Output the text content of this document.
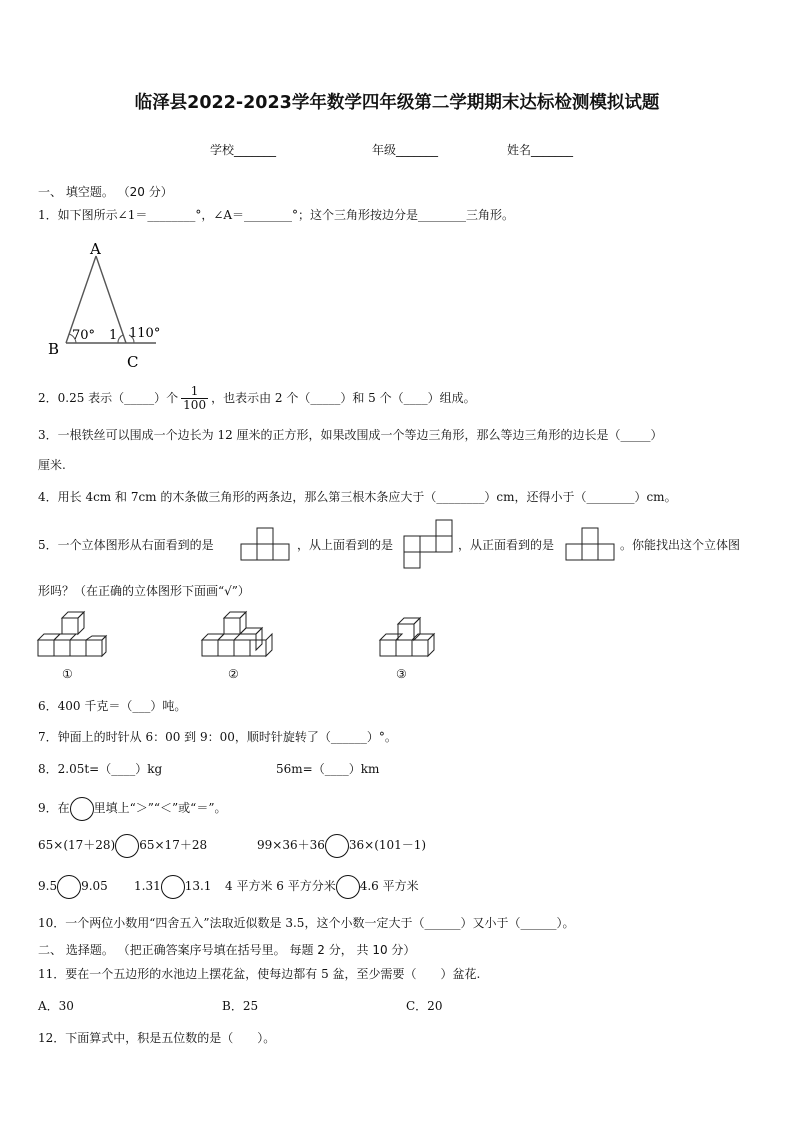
临泽县2022-2023学年数学四年级第二学期期末达标检测模拟试题
学校_______	年级_______	姓名_______
一、 填空题。 （20 分）
1．如下图所示∠1＝________°，∠A＝________°；这个三角形按边分是________三角形。
A
B
C
70° 1 110°
2．0.25 表示（_____）个 $\frac{1}{100}$ ，也表示由 2 个（_____）和 5 个（____）组成。
3．一根铁丝可以围成一个边长为 12 厘米的正方形，如果改围成一个等边三角形，那么等边三角形的边长是（_____）
厘米.
4．用长 4cm 和 7cm 的木条做三角形的两条边，那么第三根木条应大于（________）cm，还得小于（________）cm。
5．一个立体图形从右面看到的是	，从上面看到的是	，从正面看到的是	。你能找出这个立体图
形吗？（在正确的立体图形下面画“√”）
①	②	③
6．400 千克＝（___）吨。
7．钟面上的时针从 6：00 到 9：00，顺时针旋转了（______）°。
8．2.05t=（____）kg	56m=（____）km
9．在 里填上“＞”“＜”或“＝”。
65×(17＋28) 65×17＋28	99×36＋36 36×(101－1)
9.5 9.05 1.31 13.1 4 平方米 6 平方分米 4.6 平方米
10．一个两位小数用“四舍五入”法取近似数是 3.5，这个小数一定大于（______）又小于（______）。
二、 选择题。 （把正确答案序号填在括号里。 每题 2 分， 共 10 分）
11．要在一个五边形的水池边上摆花盆，使每边都有 5 盆，至少需要（　　）盆花.
A．30	B．25	C．20
12．下面算式中，积是五位数的是（　　）。
